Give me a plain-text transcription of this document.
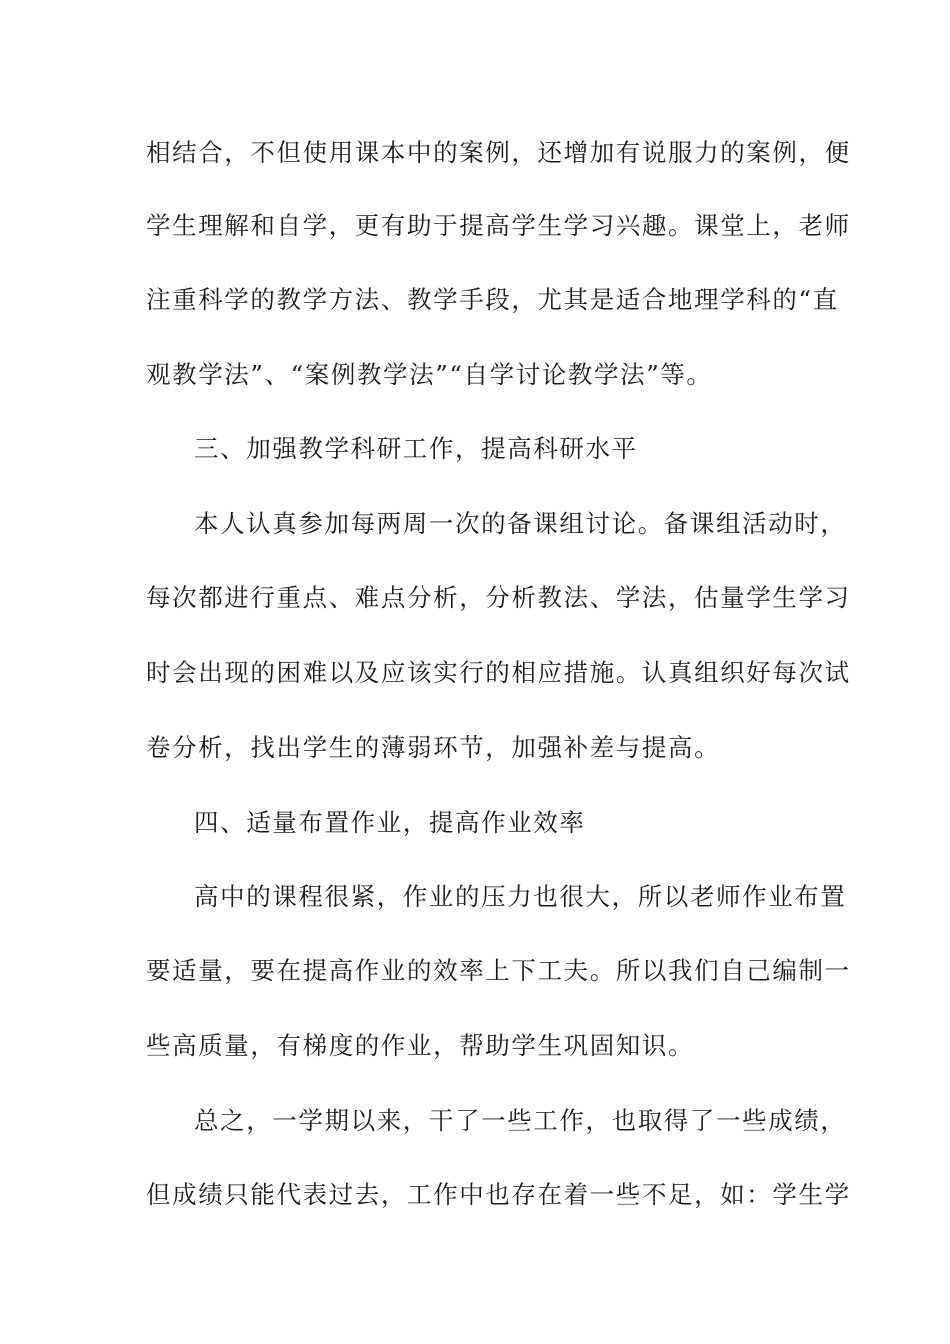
相结合，不但使用课本中的案例，还增加有说服力的案例，便
学生理解和自学，更有助于提高学生学习兴趣。课堂上，老师
注重科学的教学方法、教学手段，尤其是适合地理学科的“直
观教学法”、“案例教学法”“自学讨论教学法”等。
三、加强教学科研工作，提高科研水平
本人认真参加每两周一次的备课组讨论。备课组活动时，
每次都进行重点、难点分析，分析教法、学法，估量学生学习
时会出现的困难以及应该实行的相应措施。认真组织好每次试
卷分析，找出学生的薄弱环节，加强补差与提高。
四、适量布置作业，提高作业效率
高中的课程很紧，作业的压力也很大，所以老师作业布置
要适量，要在提高作业的效率上下工夫。所以我们自己编制一
些高质量，有梯度的作业，帮助学生巩固知识。
总之，一学期以来，干了一些工作，也取得了一些成绩，
但成绩只能代表过去，工作中也存在着一些不足，如：学生学
